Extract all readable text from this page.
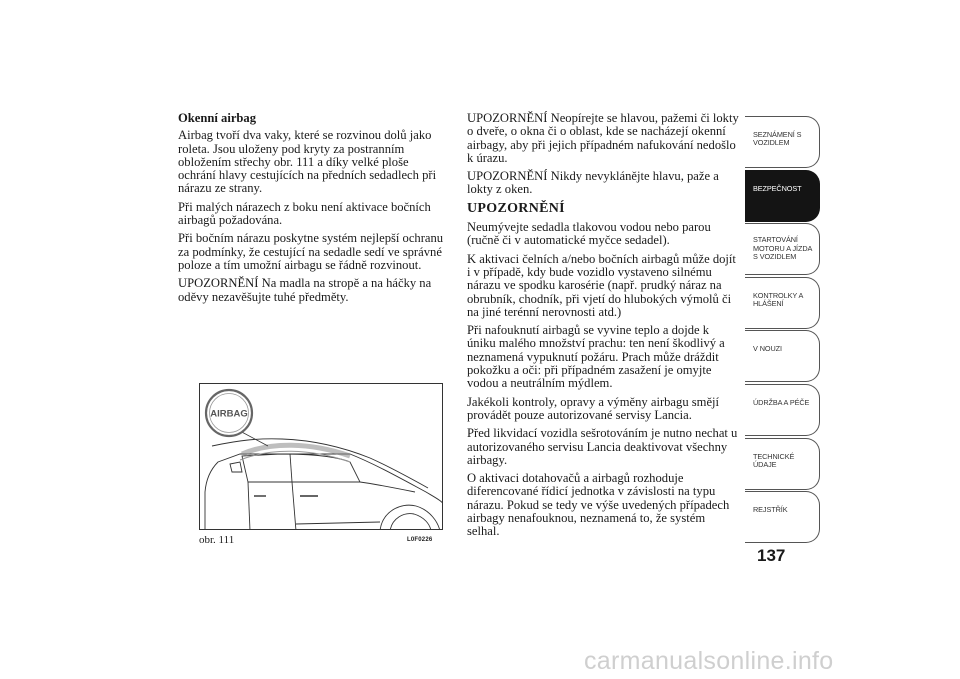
Okenní airbag

Airbag tvoří dva vaky, které se rozvinou dolů jako roleta. Jsou uloženy pod kryty za postranním obložením střechy obr. 111 a díky velké ploše ochrání hlavy cestujících na předních sedadlech při nárazu ze strany.

Při malých nárazech z boku není aktivace bočních airbagů požadována.

Při bočním nárazu poskytne systém nejlepší ochranu za podmínky, že cestující na sedadle sedí ve správné poloze a tím umožní airbagu se řádně rozvinout.

UPOZORNĚNÍ Na madla na stropě a na háčky na oděvy nezavěšujte tuhé předměty.

AIRBAG
obr. 111	L0F0226

UPOZORNĚNÍ Neopírejte se hlavou, pažemi či lokty o dveře, o okna či o oblast, kde se nacházejí okenní airbagy, aby při jejich případném nafukování nedošlo k úrazu.

UPOZORNĚNÍ Nikdy nevyklánějte hlavu, paže a lokty z oken.

UPOZORNĚNÍ

Neumývejte sedadla tlakovou vodou nebo parou (ručně či v automatické myčce sedadel).

K aktivaci čelních a/nebo bočních airbagů může dojít i v případě, kdy bude vozidlo vystaveno silnému nárazu ve spodku karosérie (např. prudký náraz na obrubník, chodník, při vjetí do hlubokých výmolů či na jiné terénní nerovnosti atd.)

Při nafouknutí airbagů se vyvine teplo a dojde k úniku malého množství prachu: ten není škodlivý a neznamená vypuknutí požáru. Prach může dráždit pokožku a oči: při případném zasažení je omyjte vodou a neutrálním mýdlem.

Jakékoli kontroly, opravy a výměny airbagu smějí provádět pouze autorizované servisy Lancia.

Před likvidací vozidla sešrotováním je nutno nechat u autorizovaného servisu Lancia deaktivovat všechny airbagy.

O aktivaci dotahovačů a airbagů rozhoduje diferencované řídicí jednotka v závislosti na typu nárazu. Pokud se tedy ve výše uvedených případech airbagy nenafouknou, neznamená to, že systém selhal.

SEZNÁMENÍ S
VOZIDLEM
BEZPEČNOST
STARTOVÁNÍ
MOTORU A JÍZDA
S VOZIDLEM
KONTROLKY A
HLÁŠENÍ
V NOUZI
ÚDRŽBA A PÉČE
TECHNICKÉ
ÚDAJE
REJSTŘÍK
137
carmanualsonline.info
